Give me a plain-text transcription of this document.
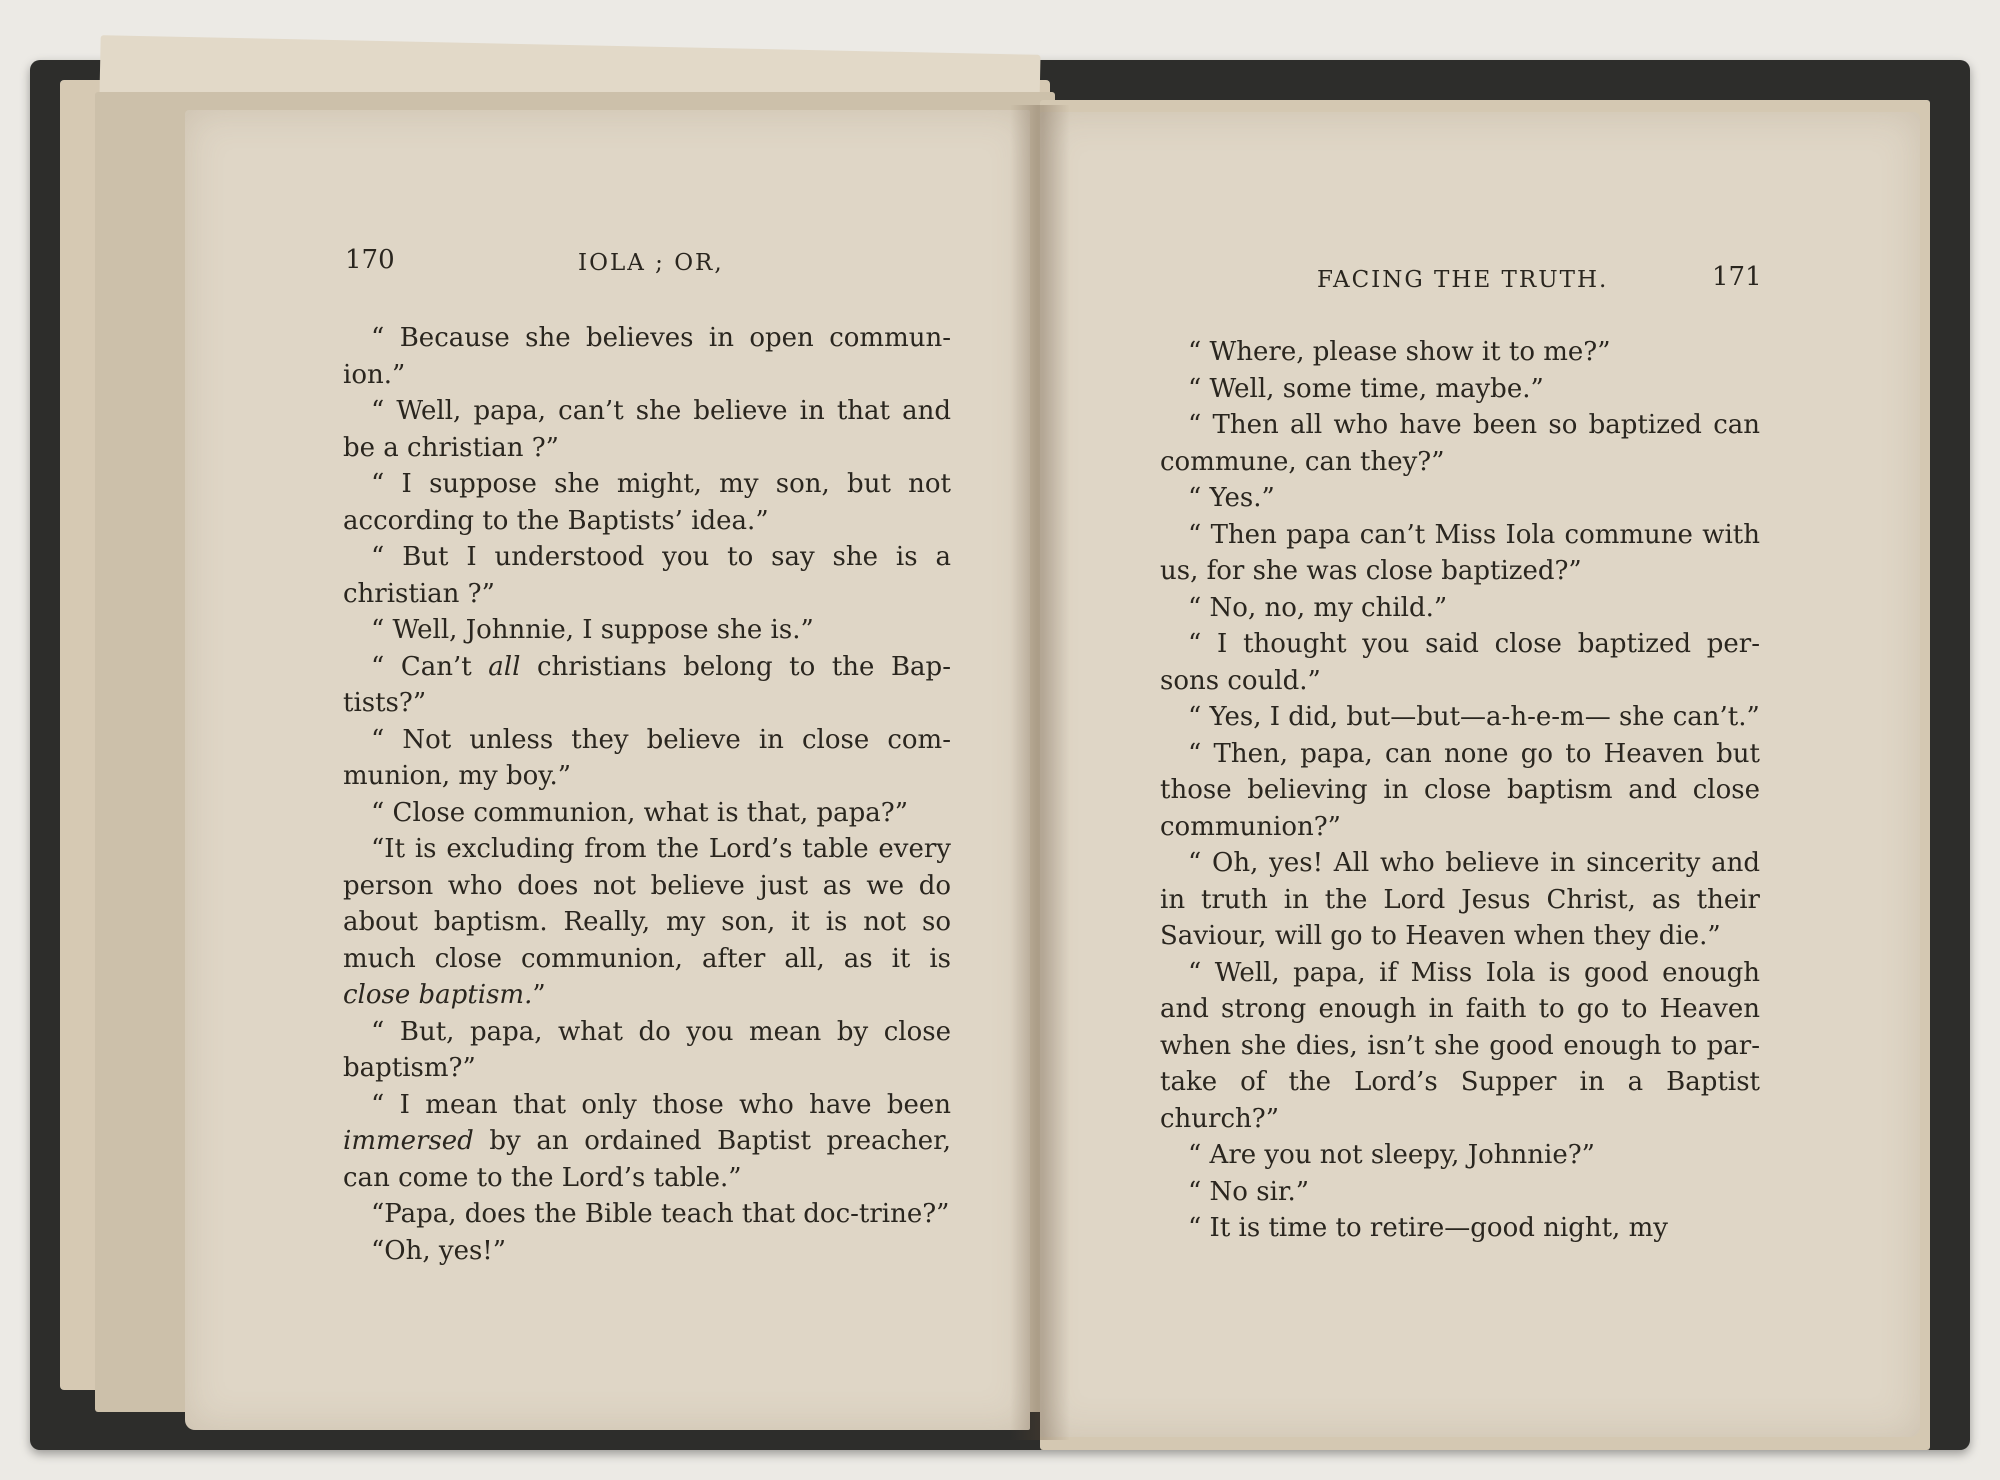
170	IOLA ; OR,

“ Because she believes in open commun-ion.”

“ Well, papa, can’t she believe in that and be a christian ?”

“ I suppose she might, my son, but not according to the Baptists’ idea.”

“ But I understood you to say she is a christian ?”

“ Well, Johnnie, I suppose she is.”

“ Can’t all christians belong to the Bap-tists?”

“ Not unless they believe in close com-munion, my boy.”

“ Close communion, what is that, papa?”

“It is excluding from the Lord’s table every person who does not believe just as we do about baptism. Really, my son, it is not so much close communion, after all, as it is close baptism.”

“ But, papa, what do you mean by close baptism?”

“ I mean that only those who have been immersed by an ordained Baptist preacher, can come to the Lord’s table.”

“Papa, does the Bible teach that doc-trine?”

“Oh, yes!”

FACING THE TRUTH.	171

“ Where, please show it to me?”

“ Well, some time, maybe.”

“ Then all who have been so baptized can commune, can they?”

“ Yes.”

“ Then papa can’t Miss Iola commune with us, for she was close baptized?”

“ No, no, my child.”

“ I thought you said close baptized per-sons could.”

“ Yes, I did, but—but—a-h-e-m— she can’t.”

“ Then, papa, can none go to Heaven but those believing in close baptism and close communion?”

“ Oh, yes! All who believe in sincerity and in truth in the Lord Jesus Christ, as their Saviour, will go to Heaven when they die.”

“ Well, papa, if Miss Iola is good enough and strong enough in faith to go to Heaven when she dies, isn’t she good enough to par-take of the Lord’s Supper in a Baptist church?”

“ Are you not sleepy, Johnnie?”

“ No sir.”

“ It is time to retire—good night, my
